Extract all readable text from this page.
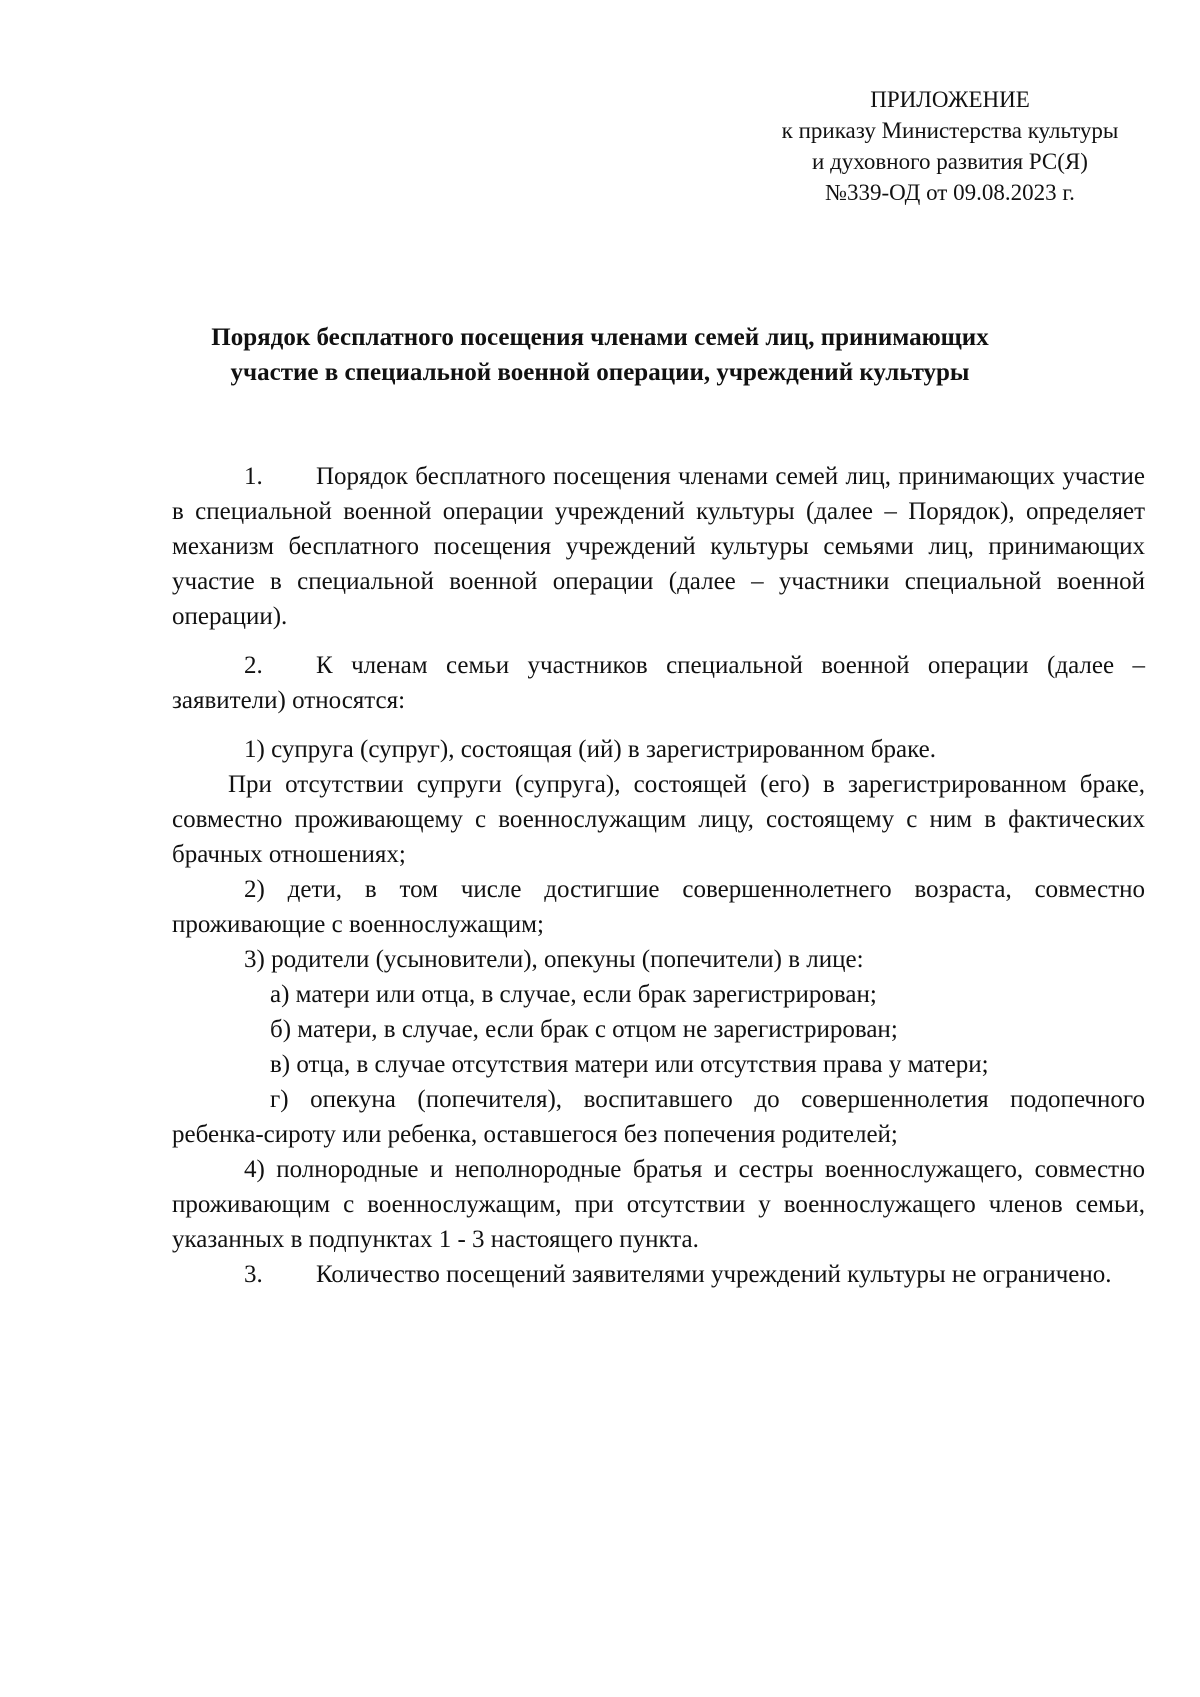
ПРИЛОЖЕНИЕ
к приказу Министерства культуры
и духовного развития РС(Я)
№339-ОД от 09.08.2023 г.
Порядок бесплатного посещения членами семей лиц, принимающих
участие в специальной военной операции, учреждений культуры

1. Порядок бесплатного посещения членами семей лиц, принимающих участие в специальной военной операции учреждений культуры (далее – Порядок), определяет механизм бесплатного посещения учреждений культуры семьями лиц, принимающих участие в специальной военной операции (далее – участники специальной военной операции).

2. К членам семьи участников специальной военной операции (далее – заявители) относятся:

1) супруга (супруг), состоящая (ий) в зарегистрированном браке.

При отсутствии супруги (супруга), состоящей (его) в зарегистрированном браке, совместно проживающему с военнослужащим лицу, состоящему с ним в фактических брачных отношениях;

2) дети, в том числе достигшие совершеннолетнего возраста, совместно проживающие с военнослужащим;

3) родители (усыновители), опекуны (попечители) в лице:

а) матери или отца, в случае, если брак зарегистрирован;

б) матери, в случае, если брак с отцом не зарегистрирован;

в) отца, в случае отсутствия матери или отсутствия права у матери;

г) опекуна (попечителя), воспитавшего до совершеннолетия подопечного ребенка-сироту или ребенка, оставшегося без попечения родителей;

4) полнородные и неполнородные братья и сестры военнослужащего, совместно проживающим с военнослужащим, при отсутствии у военнослужащего членов семьи, указанных в подпунктах 1 - 3 настоящего пункта.

3. Количество посещений заявителями учреждений культуры не ограничено.
